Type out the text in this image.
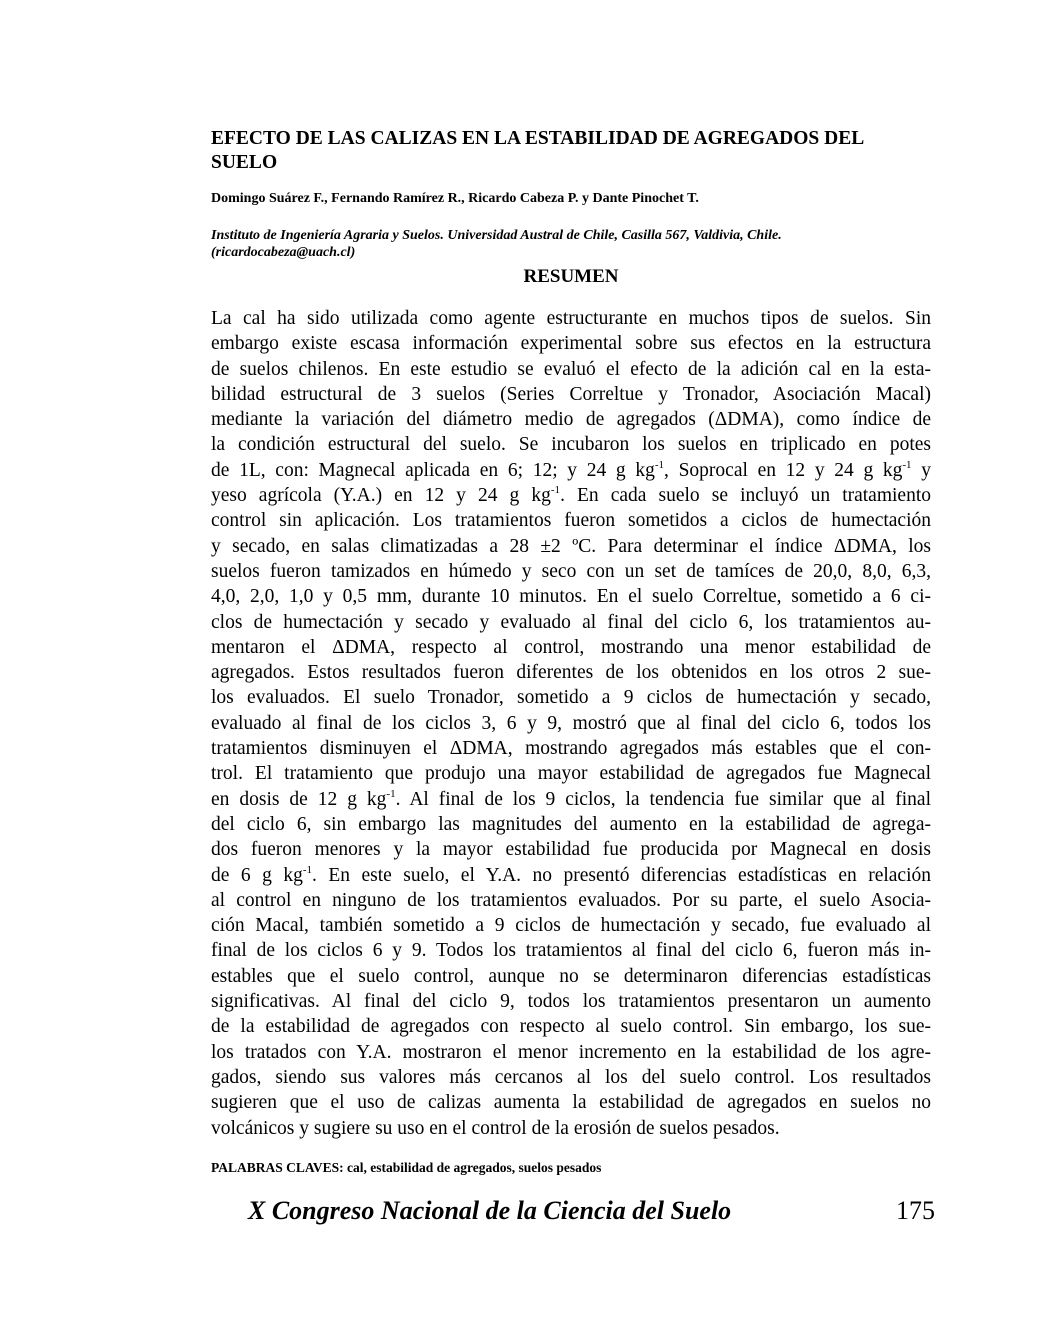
EFECTO DE LAS CALIZAS EN LA ESTABILIDAD DE AGREGADOS DEL SUELO

Domingo Suárez F., Fernando Ramírez R., Ricardo Cabeza P. y Dante Pinochet T.

Instituto de Ingeniería Agraria y Suelos. Universidad Austral de Chile, Casilla 567, Valdivia, Chile.
(ricardocabeza@uach.cl)
RESUMEN
La cal ha sido utilizada como agente estructurante en muchos tipos de suelos. Sin
embargo existe escasa información experimental sobre sus efectos en la estructura
de suelos chilenos. En este estudio se evaluó el efecto de la adición cal en la esta-
bilidad estructural de 3 suelos (Series Correltue y Tronador, Asociación Macal)
mediante la variación del diámetro medio de agregados (ΔDMA), como índice de
la condición estructural del suelo. Se incubaron los suelos en triplicado en potes
de 1L, con: Magnecal aplicada en 6; 12; y 24 g $kg^{-1}$, Soprocal en 12 y 24 g $kg^{-1}$ y
yeso agrícola (Y.A.) en 12 y 24 g $kg^{-1}$. En cada suelo se incluyó un tratamiento
control sin aplicación. Los tratamientos fueron sometidos a ciclos de humectación
y secado, en salas climatizadas a 28 ±2 ºC. Para determinar el índice ΔDMA, los
suelos fueron tamizados en húmedo y seco con un set de tamíces de 20,0, 8,0, 6,3,
4,0, 2,0, 1,0 y 0,5 mm, durante 10 minutos. En el suelo Correltue, sometido a 6 ci-
clos de humectación y secado y evaluado al final del ciclo 6, los tratamientos au-
mentaron el ΔDMA, respecto al control, mostrando una menor estabilidad de
agregados. Estos resultados fueron diferentes de los obtenidos en los otros 2 sue-
los evaluados. El suelo Tronador, sometido a 9 ciclos de humectación y secado,
evaluado al final de los ciclos 3, 6 y 9, mostró que al final del ciclo 6, todos los
tratamientos disminuyen el ΔDMA, mostrando agregados más estables que el con-
trol. El tratamiento que produjo una mayor estabilidad de agregados fue Magnecal
en dosis de 12 g $kg^{-1}$. Al final de los 9 ciclos, la tendencia fue similar que al final
del ciclo 6, sin embargo las magnitudes del aumento en la estabilidad de agrega-
dos fueron menores y la mayor estabilidad fue producida por Magnecal en dosis
de 6 g $kg^{-1}$. En este suelo, el Y.A. no presentó diferencias estadísticas en relación
al control en ninguno de los tratamientos evaluados. Por su parte, el suelo Asocia-
ción Macal, también sometido a 9 ciclos de humectación y secado, fue evaluado al
final de los ciclos 6 y 9. Todos los tratamientos al final del ciclo 6, fueron más in-
estables que el suelo control, aunque no se determinaron diferencias estadísticas
significativas. Al final del ciclo 9, todos los tratamientos presentaron un aumento
de la estabilidad de agregados con respecto al suelo control. Sin embargo, los sue-
los tratados con Y.A. mostraron el menor incremento en la estabilidad de los agre-
gados, siendo sus valores más cercanos al los del suelo control. Los resultados
sugieren que el uso de calizas aumenta la estabilidad de agregados en suelos no
volcánicos y sugiere su uso en el control de la erosión de suelos pesados.

PALABRAS CLAVES: cal, estabilidad de agregados, suelos pesados

X Congreso Nacional de la Ciencia del Suelo	175
